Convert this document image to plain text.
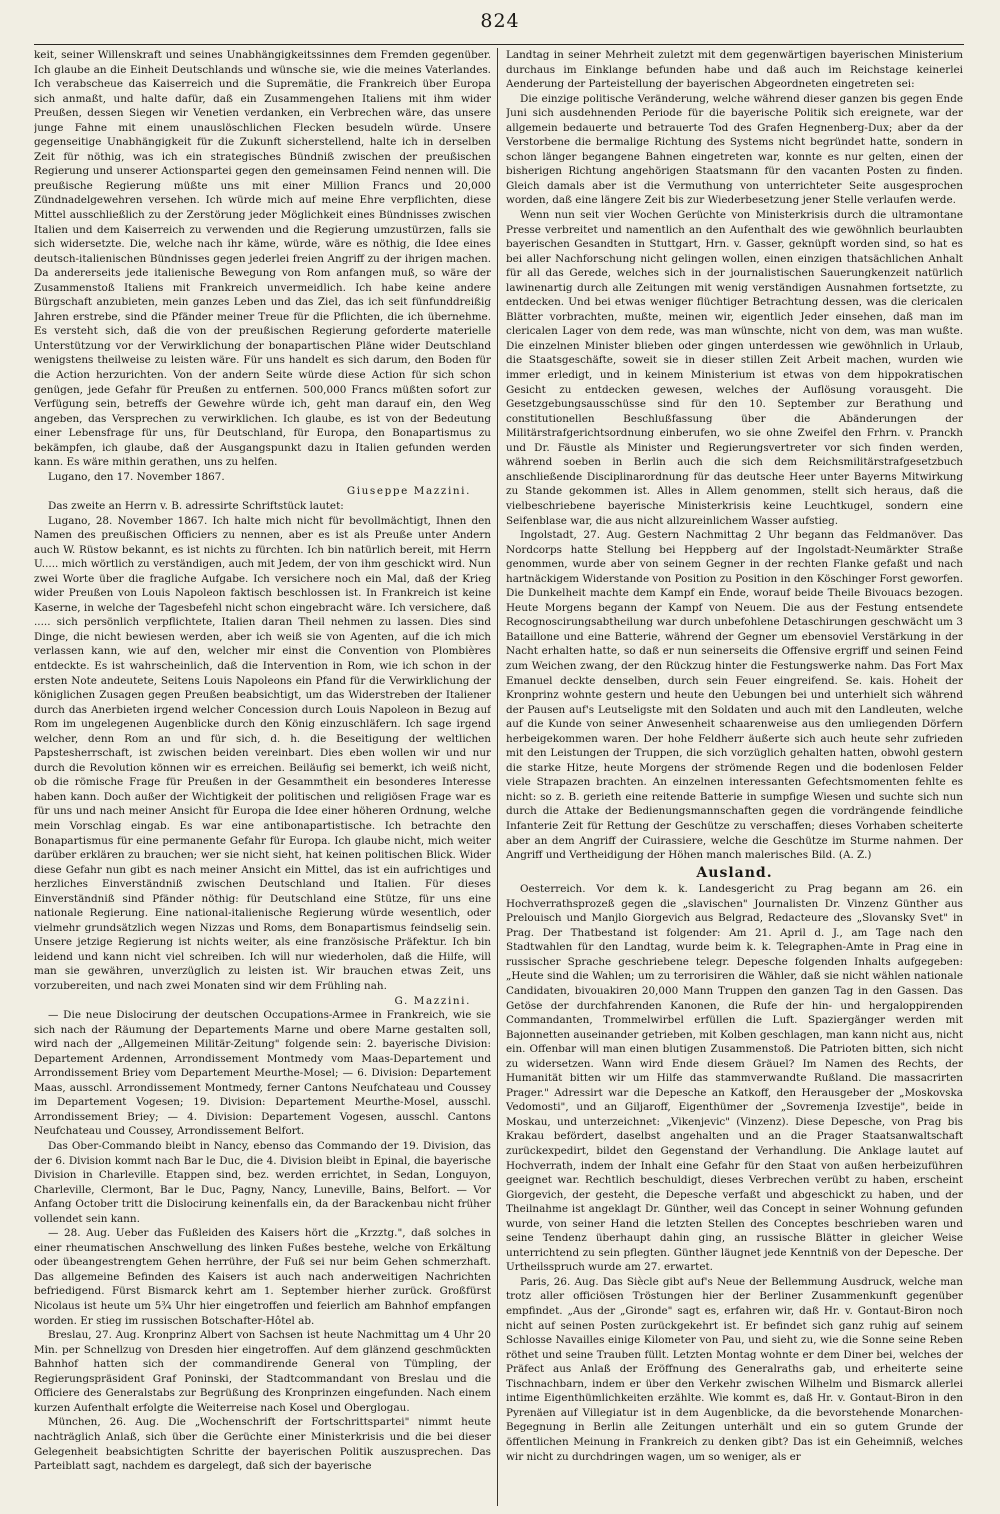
824

keit, seiner Willenskraft und seines Unabhängigkeitssinnes dem Fremden gegenüber. Ich glaube an die Einheit Deutschlands und wünsche sie, wie die meines Vaterlandes. Ich verabscheue das Kaiserreich und die Supremätie, die Frankreich über Europa sich anmaßt, und halte dafür, daß ein Zusammengehen Italiens mit ihm wider Preußen, dessen Siegen wir Venetien verdanken, ein Verbrechen wäre, das unsere junge Fahne mit einem unauslöschlichen Flecken besudeln würde. Unsere gegenseitige Unabhängigkeit für die Zukunft sicherstellend, halte ich in derselben Zeit für nöthig, was ich ein strategisches Bündniß zwischen der preußischen Regierung und unserer Actionspartei gegen den gemeinsamen Feind nennen will. Die preußische Regierung müßte uns mit einer Million Francs und 20,000 Zündnadelgewehren versehen. Ich würde mich auf meine Ehre verpflichten, diese Mittel ausschließlich zu der Zerstörung jeder Möglichkeit eines Bündnisses zwischen Italien und dem Kaiserreich zu verwenden und die Regierung umzustürzen, falls sie sich widersetzte. Die, welche nach ihr käme, würde, wäre es nöthig, die Idee eines deutsch-italienischen Bündnisses gegen jederlei freien Angriff zu der ihrigen machen. Da andererseits jede italienische Bewegung von Rom anfangen muß, so wäre der Zusammenstoß Italiens mit Frankreich unvermeidlich. Ich habe keine andere Bürgschaft anzubieten, mein ganzes Leben und das Ziel, das ich seit fünfunddreißig Jahren erstrebe, sind die Pfänder meiner Treue für die Pflichten, die ich übernehme. Es versteht sich, daß die von der preußischen Regierung geforderte materielle Unterstützung vor der Verwirklichung der bonapartischen Pläne wider Deutschland wenigstens theilweise zu leisten wäre. Für uns handelt es sich darum, den Boden für die Action herzurichten. Von der andern Seite würde diese Action für sich schon genügen, jede Gefahr für Preußen zu entfernen. 500,000 Francs müßten sofort zur Verfügung sein, betreffs der Gewehre würde ich, geht man darauf ein, den Weg angeben, das Versprechen zu verwirklichen. Ich glaube, es ist von der Bedeutung einer Lebensfrage für uns, für Deutschland, für Europa, den Bonapartismus zu bekämpfen, ich glaube, daß der Ausgangspunkt dazu in Italien gefunden werden kann. Es wäre mithin gerathen, uns zu helfen.

Lugano, den 17. November 1867.

Giuseppe Mazzini.

Das zweite an Herrn v. B. adressirte Schriftstück lautet:

Lugano, 28. November 1867. Ich halte mich nicht für bevollmächtigt, Ihnen den Namen des preußischen Officiers zu nennen, aber es ist als Preuße unter Andern auch W. Rüstow bekannt, es ist nichts zu fürchten. Ich bin natürlich bereit, mit Herrn U..... mich wörtlich zu verständigen, auch mit Jedem, der von ihm geschickt wird. Nun zwei Worte über die fragliche Aufgabe. Ich versichere noch ein Mal, daß der Krieg wider Preußen von Louis Napoleon faktisch beschlossen ist. In Frankreich ist keine Kaserne, in welche der Tagesbefehl nicht schon eingebracht wäre. Ich versichere, daß ..... sich persönlich verpflichtete, Italien daran Theil nehmen zu lassen. Dies sind Dinge, die nicht bewiesen werden, aber ich weiß sie von Agenten, auf die ich mich verlassen kann, wie auf den, welcher mir einst die Convention von Plombières entdeckte. Es ist wahrscheinlich, daß die Intervention in Rom, wie ich schon in der ersten Note andeutete, Seitens Louis Napoleons ein Pfand für die Verwirklichung der königlichen Zusagen gegen Preußen beabsichtigt, um das Widerstreben der Italiener durch das Anerbieten irgend welcher Concession durch Louis Napoleon in Bezug auf Rom im ungelegenen Augenblicke durch den König einzuschläfern. Ich sage irgend welcher, denn Rom an und für sich, d. h. die Beseitigung der weltlichen Papstesherrschaft, ist zwischen beiden vereinbart. Dies eben wollen wir und nur durch die Revolution können wir es erreichen. Beiläufig sei bemerkt, ich weiß nicht, ob die römische Frage für Preußen in der Gesammtheit ein besonderes Interesse haben kann. Doch außer der Wichtigkeit der politischen und religiösen Frage war es für uns und nach meiner Ansicht für Europa die Idee einer höheren Ordnung, welche mein Vorschlag eingab. Es war eine antibonapartistische. Ich betrachte den Bonapartismus für eine permanente Gefahr für Europa. Ich glaube nicht, mich weiter darüber erklären zu brauchen; wer sie nicht sieht, hat keinen politischen Blick. Wider diese Gefahr nun gibt es nach meiner Ansicht ein Mittel, das ist ein aufrichtiges und herzliches Einverständniß zwischen Deutschland und Italien. Für dieses Einverständniß sind Pfänder nöthig: für Deutschland eine Stütze, für uns eine nationale Regierung. Eine national-italienische Regierung würde wesentlich, oder vielmehr grundsätzlich wegen Nizzas und Roms, dem Bonapartismus feindselig sein. Unsere jetzige Regierung ist nichts weiter, als eine französische Präfektur. Ich bin leidend und kann nicht viel schreiben. Ich will nur wiederholen, daß die Hilfe, will man sie gewähren, unverzüglich zu leisten ist. Wir brauchen etwas Zeit, uns vorzubereiten, und nach zwei Monaten sind wir dem Frühling nah.

G. Mazzini.

— Die neue Dislocirung der deutschen Occupations-Armee in Frankreich, wie sie sich nach der Räumung der Departements Marne und obere Marne gestalten soll, wird nach der „Allgemeinen Militär-Zeitung" folgende sein: 2. bayerische Division: Departement Ardennen, Arrondissement Montmedy vom Maas-Departement und Arrondissement Briey vom Departement Meurthe-Mosel; — 6. Division: Departement Maas, ausschl. Arrondissement Montmedy, ferner Cantons Neufchateau und Coussey im Departement Vogesen; 19. Division: Departement Meurthe-Mosel, ausschl. Arrondissement Briey; — 4. Division: Departement Vogesen, ausschl. Cantons Neufchateau und Coussey, Arrondissement Belfort.

Das Ober-Commando bleibt in Nancy, ebenso das Commando der 19. Division, das der 6. Division kommt nach Bar le Duc, die 4. Division bleibt in Epinal, die bayerische Division in Charleville. Etappen sind, bez. werden errichtet, in Sedan, Longuyon, Charleville, Clermont, Bar le Duc, Pagny, Nancy, Luneville, Bains, Belfort. — Vor Anfang October tritt die Dislocirung keinenfalls ein, da der Barackenbau nicht früher vollendet sein kann.

— 28. Aug. Ueber das Fußleiden des Kaisers hört die „Krzztg.", daß solches in einer rheumatischen Anschwellung des linken Fußes bestehe, welche von Erkältung oder übeangestrengtem Gehen herrühre, der Fuß sei nur beim Gehen schmerzhaft. Das allgemeine Befinden des Kaisers ist auch nach anderweitigen Nachrichten befriedigend. Fürst Bismarck kehrt am 1. September hierher zurück. Großfürst Nicolaus ist heute um 5¾ Uhr hier eingetroffen und feierlich am Bahnhof empfangen worden. Er stieg im russischen Botschafter-Hôtel ab.

Breslau, 27. Aug. Kronprinz Albert von Sachsen ist heute Nachmittag um 4 Uhr 20 Min. per Schnellzug von Dresden hier eingetroffen. Auf dem glänzend geschmückten Bahnhof hatten sich der commandirende General von Tümpling, der Regierungspräsident Graf Poninski, der Stadtcommandant von Breslau und die Officiere des Generalstabs zur Begrüßung des Kronprinzen eingefunden. Nach einem kurzen Aufenthalt erfolgte die Weiterreise nach Kosel und Oberglogau.

München, 26. Aug. Die „Wochenschrift der Fortschrittspartei" nimmt heute nachträglich Anlaß, sich über die Gerüchte einer Ministerkrisis und die bei dieser Gelegenheit beabsichtigten Schritte der bayerischen Politik auszusprechen. Das Parteiblatt sagt, nachdem es dargelegt, daß sich der bayerische

Landtag in seiner Mehrheit zuletzt mit dem gegenwärtigen bayerischen Ministerium durchaus im Einklange befunden habe und daß auch im Reichstage keinerlei Aenderung der Parteistellung der bayerischen Abgeordneten eingetreten sei:

Die einzige politische Veränderung, welche während dieser ganzen bis gegen Ende Juni sich ausdehnenden Periode für die bayerische Politik sich ereignete, war der allgemein bedauerte und betrauerte Tod des Grafen Hegnenberg-Dux; aber da der Verstorbene die bermalige Richtung des Systems nicht begründet hatte, sondern in schon länger begangene Bahnen eingetreten war, konnte es nur gelten, einen der bisherigen Richtung angehörigen Staatsmann für den vacanten Posten zu finden. Gleich damals aber ist die Vermuthung von unterrichteter Seite ausgesprochen worden, daß eine längere Zeit bis zur Wiederbesetzung jener Stelle verlaufen werde.

Wenn nun seit vier Wochen Gerüchte von Ministerkrisis durch die ultramontane Presse verbreitet und namentlich an den Aufenthalt des wie gewöhnlich beurlaubten bayerischen Gesandten in Stuttgart, Hrn. v. Gasser, geknüpft worden sind, so hat es bei aller Nachforschung nicht gelingen wollen, einen einzigen thatsächlichen Anhalt für all das Gerede, welches sich in der journalistischen Sauerungkenzeit natürlich lawinenartig durch alle Zeitungen mit wenig verständigen Ausnahmen fortsetzte, zu entdecken. Und bei etwas weniger flüchtiger Betrachtung dessen, was die clericalen Blätter vorbrachten, mußte, meinen wir, eigentlich Jeder einsehen, daß man im clericalen Lager von dem rede, was man wünschte, nicht von dem, was man wußte. Die einzelnen Minister blieben oder gingen unterdessen wie gewöhnlich in Urlaub, die Staatsgeschäfte, soweit sie in dieser stillen Zeit Arbeit machen, wurden wie immer erledigt, und in keinem Ministerium ist etwas von dem hippokratischen Gesicht zu entdecken gewesen, welches der Auflösung vorausgeht. Die Gesetzgebungsausschüsse sind für den 10. September zur Berathung und constitutionellen Beschlußfassung über die Abänderungen der Militärstrafgerichtsordnung einberufen, wo sie ohne Zweifel den Frhrn. v. Pranckh und Dr. Fäustle als Minister und Regierungsvertreter vor sich finden werden, während soeben in Berlin auch die sich dem Reichsmilitärstrafgesetzbuch anschließende Disciplinarordnung für das deutsche Heer unter Bayerns Mitwirkung zu Stande gekommen ist. Alles in Allem genommen, stellt sich heraus, daß die vielbeschriebene bayerische Ministerkrisis keine Leuchtkugel, sondern eine Seifenblase war, die aus nicht allzureinlichem Wasser aufstieg.

Ingolstadt, 27. Aug. Gestern Nachmittag 2 Uhr begann das Feldmanöver. Das Nordcorps hatte Stellung bei Heppberg auf der Ingolstadt-Neumärkter Straße genommen, wurde aber von seinem Gegner in der rechten Flanke gefaßt und nach hartnäckigem Widerstande von Position zu Position in den Köschinger Forst geworfen. Die Dunkelheit machte dem Kampf ein Ende, worauf beide Theile Bivouacs bezogen. Heute Morgens begann der Kampf von Neuem. Die aus der Festung entsendete Recognoscirungsabtheilung war durch unbefohlene Detaschirungen geschwächt um 3 Bataillone und eine Batterie, während der Gegner um ebensoviel Verstärkung in der Nacht erhalten hatte, so daß er nun seinerseits die Offensive ergriff und seinen Feind zum Weichen zwang, der den Rückzug hinter die Festungswerke nahm. Das Fort Max Emanuel deckte denselben, durch sein Feuer eingreifend. Se. kais. Hoheit der Kronprinz wohnte gestern und heute den Uebungen bei und unterhielt sich während der Pausen auf's Leutseligste mit den Soldaten und auch mit den Landleuten, welche auf die Kunde von seiner Anwesenheit schaarenweise aus den umliegenden Dörfern herbeigekommen waren. Der hohe Feldherr äußerte sich auch heute sehr zufrieden mit den Leistungen der Truppen, die sich vorzüglich gehalten hatten, obwohl gestern die starke Hitze, heute Morgens der strömende Regen und die bodenlosen Felder viele Strapazen brachten. An einzelnen interessanten Gefechtsmomenten fehlte es nicht: so z. B. gerieth eine reitende Batterie in sumpfige Wiesen und suchte sich nun durch die Attake der Bedienungsmannschaften gegen die vordrängende feindliche Infanterie Zeit für Rettung der Geschütze zu verschaffen; dieses Vorhaben scheiterte aber an dem Angriff der Cuirassiere, welche die Geschütze im Sturme nahmen. Der Angriff und Vertheidigung der Höhen manch malerisches Bild. (A. Z.)

Ausland.

Oesterreich. Vor dem k. k. Landesgericht zu Prag begann am 26. ein Hochverrathsprozeß gegen die „slavischen" Journalisten Dr. Vinzenz Günther aus Prelouisch und Manjlo Giorgevich aus Belgrad, Redacteure des „Slovansky Svet" in Prag. Der Thatbestand ist folgender: Am 21. April d. J., am Tage nach den Stadtwahlen für den Landtag, wurde beim k. k. Telegraphen-Amte in Prag eine in russischer Sprache geschriebene telegr. Depesche folgenden Inhalts aufgegeben: „Heute sind die Wahlen; um zu terrorisiren die Wähler, daß sie nicht wählen nationale Candidaten, bivouakiren 20,000 Mann Truppen den ganzen Tag in den Gassen. Das Getöse der durchfahrenden Kanonen, die Rufe der hin- und hergaloppirenden Commandanten, Trommelwirbel erfüllen die Luft. Spaziergänger werden mit Bajonnetten auseinander getrieben, mit Kolben geschlagen, man kann nicht aus, nicht ein. Offenbar will man einen blutigen Zusammenstoß. Die Patrioten bitten, sich nicht zu widersetzen. Wann wird Ende diesem Gräuel? Im Namen des Rechts, der Humanität bitten wir um Hilfe das stammverwandte Rußland. Die massacrirten Prager." Adressirt war die Depesche an Katkoff, den Herausgeber der „Moskovska Vedomosti", und an Giljaroff, Eigenthümer der „Sovremenja Izvestije", beide in Moskau, und unterzeichnet: „Vikenjevic" (Vinzenz). Diese Depesche, von Prag bis Krakau befördert, daselbst angehalten und an die Prager Staatsanwaltschaft zurückexpedirt, bildet den Gegenstand der Verhandlung. Die Anklage lautet auf Hochverrath, indem der Inhalt eine Gefahr für den Staat von außen herbeizuführen geeignet war. Rechtlich beschuldigt, dieses Verbrechen verübt zu haben, erscheint Giorgevich, der gesteht, die Depesche verfaßt und abgeschickt zu haben, und der Theilnahme ist angeklagt Dr. Günther, weil das Concept in seiner Wohnung gefunden wurde, von seiner Hand die letzten Stellen des Conceptes beschrieben waren und seine Tendenz überhaupt dahin ging, an russische Blätter in gleicher Weise unterrichtend zu sein pflegten. Günther läugnet jede Kenntniß von der Depesche. Der Urtheilsspruch wurde am 27. erwartet.

Paris, 26. Aug. Das Siècle gibt auf's Neue der Bellemmung Ausdruck, welche man trotz aller officiösen Tröstungen hier der Berliner Zusammenkunft gegenüber empfindet. „Aus der „Gironde" sagt es, erfahren wir, daß Hr. v. Gontaut-Biron noch nicht auf seinen Posten zurückgekehrt ist. Er befindet sich ganz ruhig auf seinem Schlosse Navailles einige Kilometer von Pau, und sieht zu, wie die Sonne seine Reben röthet und seine Trauben füllt. Letzten Montag wohnte er dem Diner bei, welches der Präfect aus Anlaß der Eröffnung des Generalraths gab, und erheiterte seine Tischnachbarn, indem er über den Verkehr zwischen Wilhelm und Bismarck allerlei intime Eigenthümlichkeiten erzählte. Wie kommt es, daß Hr. v. Gontaut-Biron in den Pyrenäen auf Villegiatur ist in dem Augenblicke, da die bevorstehende Monarchen-Begegnung in Berlin alle Zeitungen unterhält und ein so gutem Grunde der öffentlichen Meinung in Frankreich zu denken gibt? Das ist ein Geheimniß, welches wir nicht zu durchdringen wagen, um so weniger, als er
